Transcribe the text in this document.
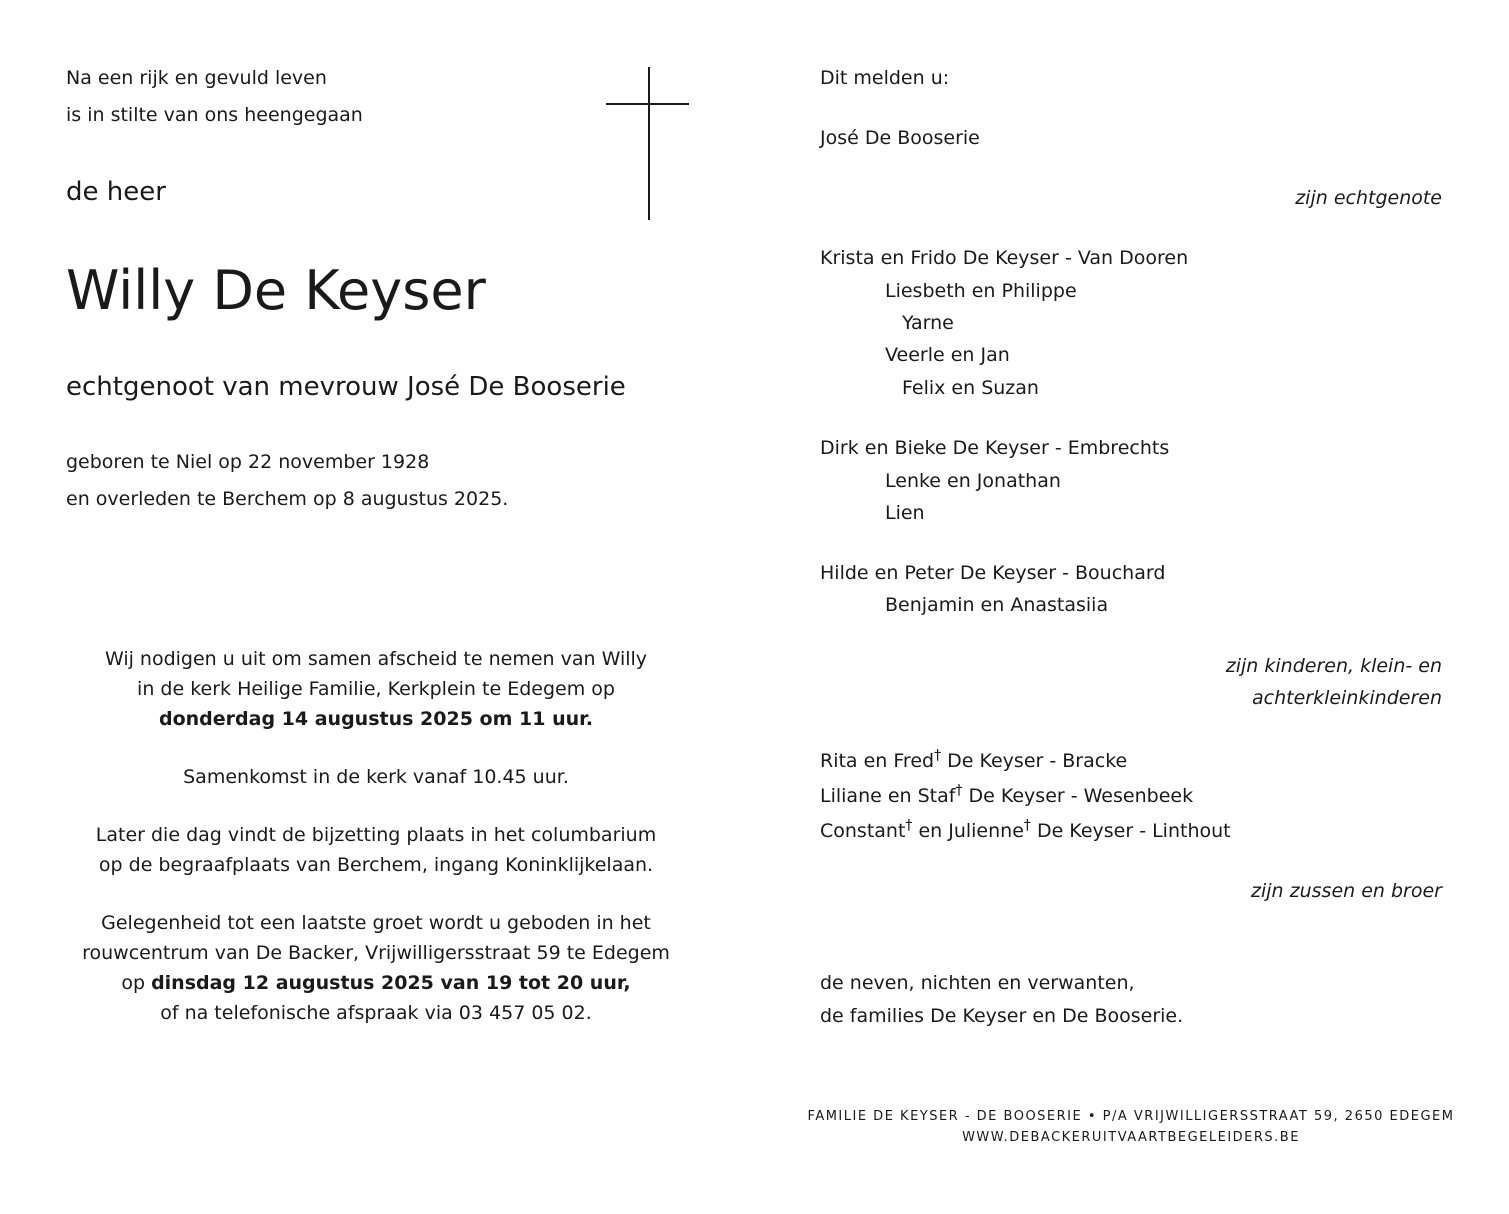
Na een rijk en gevuld leven
is in stilte van ons heengegaan
de heer
Willy De Keyser
echtgenoot van mevrouw José De Booserie
geboren te Niel op 22 november 1928
en overleden te Berchem op 8 augustus 2025.
Wij nodigen u uit om samen afscheid te nemen van Willy
in de kerk Heilige Familie, Kerkplein te Edegem op
donderdag 14 augustus 2025 om 11 uur.
Samenkomst in de kerk vanaf 10.45 uur.
Later die dag vindt de bijzetting plaats in het columbarium
op de begraafplaats van Berchem, ingang Koninklijkelaan.
Gelegenheid tot een laatste groet wordt u geboden in het
rouwcentrum van De Backer, Vrijwilligersstraat 59 te Edegem
op dinsdag 12 augustus 2025 van 19 tot 20 uur,
of na telefonische afspraak via 03 457 05 02.
Dit melden u:
José De Booserie
zijn echtgenote
Krista en Frido De Keyser - Van Dooren
Liesbeth en Philippe
Yarne
Veerle en Jan
Felix en Suzan
Dirk en Bieke De Keyser - Embrechts
Lenke en Jonathan
Lien
Hilde en Peter De Keyser - Bouchard
Benjamin en Anastasiia
zijn kinderen, klein- en
achterkleinkinderen
Rita en Fred† De Keyser - Bracke
Liliane en Staf† De Keyser - Wesenbeek
Constant† en Julienne† De Keyser - Linthout
zijn zussen en broer
de neven, nichten en verwanten,
de families De Keyser en De Booserie.
FAMILIE DE KEYSER - DE BOOSERIE • P/A VRIJWILLIGERSSTRAAT 59, 2650 EDEGEM
WWW.DEBACKERUITVAARTBEGELEIDERS.BE
